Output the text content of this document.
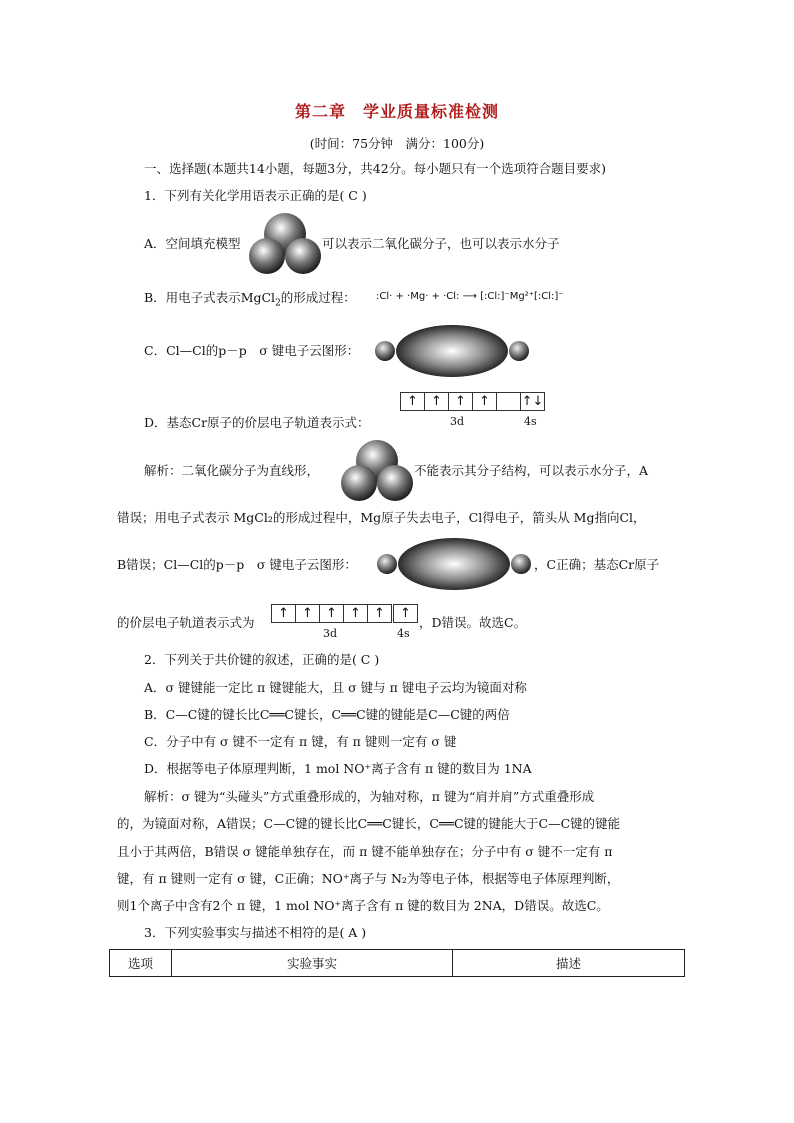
第二章　学业质量标准检测
(时间：75分钟　满分：100分)
一、选择题(本题共14小题，每题3分，共42分。每小题只有一个选项符合题目要求)
1．下列有关化学用语表示正确的是( C )
A．空间填充模型	可以表示二氧化碳分子，也可以表示水分子
B．用电子式表示MgCl$_2$的形成过程： :Cl· + ·Mg· + ·Cl: ⟶ [:Cl:]⁻Mg²⁺[:Cl:]⁻
C．Cl—Cl的p－p　σ 键电子云图形：
D．基态Cr原子的价层电子轨道表示式：
↑	↑	↑	↑	↑↓
3d	4s
解析：二氧化碳分子为直线形，	不能表示其分子结构，可以表示水分子，A
错误；用电子式表示 MgCl₂的形成过程中，Mg原子失去电子，Cl得电子，箭头从 Mg指向Cl，
B错误；Cl—Cl的p－p　σ 键电子云图形：	，C正确；基态Cr原子
的价层电子轨道表示式为
↑	↑	↑	↑	↑	↑
3d	4s
，D错误。故选C。
2．下列关于共价键的叙述，正确的是( C )
A．σ 键键能一定比 π 键键能大，且 σ 键与 π 键电子云均为镜面对称
B．C—C键的键长比C══C键长，C══C键的键能是C—C键的两倍
C．分子中有 σ 键不一定有 π 键，有 π 键则一定有 σ 键
D．根据等电子体原理判断，1 mol NO⁺离子含有 π 键的数目为 1NA
解析：σ 键为“头碰头”方式重叠形成的，为轴对称，π 键为“肩并肩”方式重叠形成
的，为镜面对称，A错误；C—C键的键长比C══C键长，C══C键的键能大于C—C键的键能
且小于其两倍，B错误 σ 键能单独存在，而 π 键不能单独存在；分子中有 σ 键不一定有 π
键，有 π 键则一定有 σ 键，C正确；NO⁺离子与 N₂为等电子体，根据等电子体原理判断，
则1个离子中含有2个 π 键，1 mol NO⁺离子含有 π 键的数目为 2NA，D错误。故选C。
3．下列实验事实与描述不相符的是( A )
选项	实验事实	描述
